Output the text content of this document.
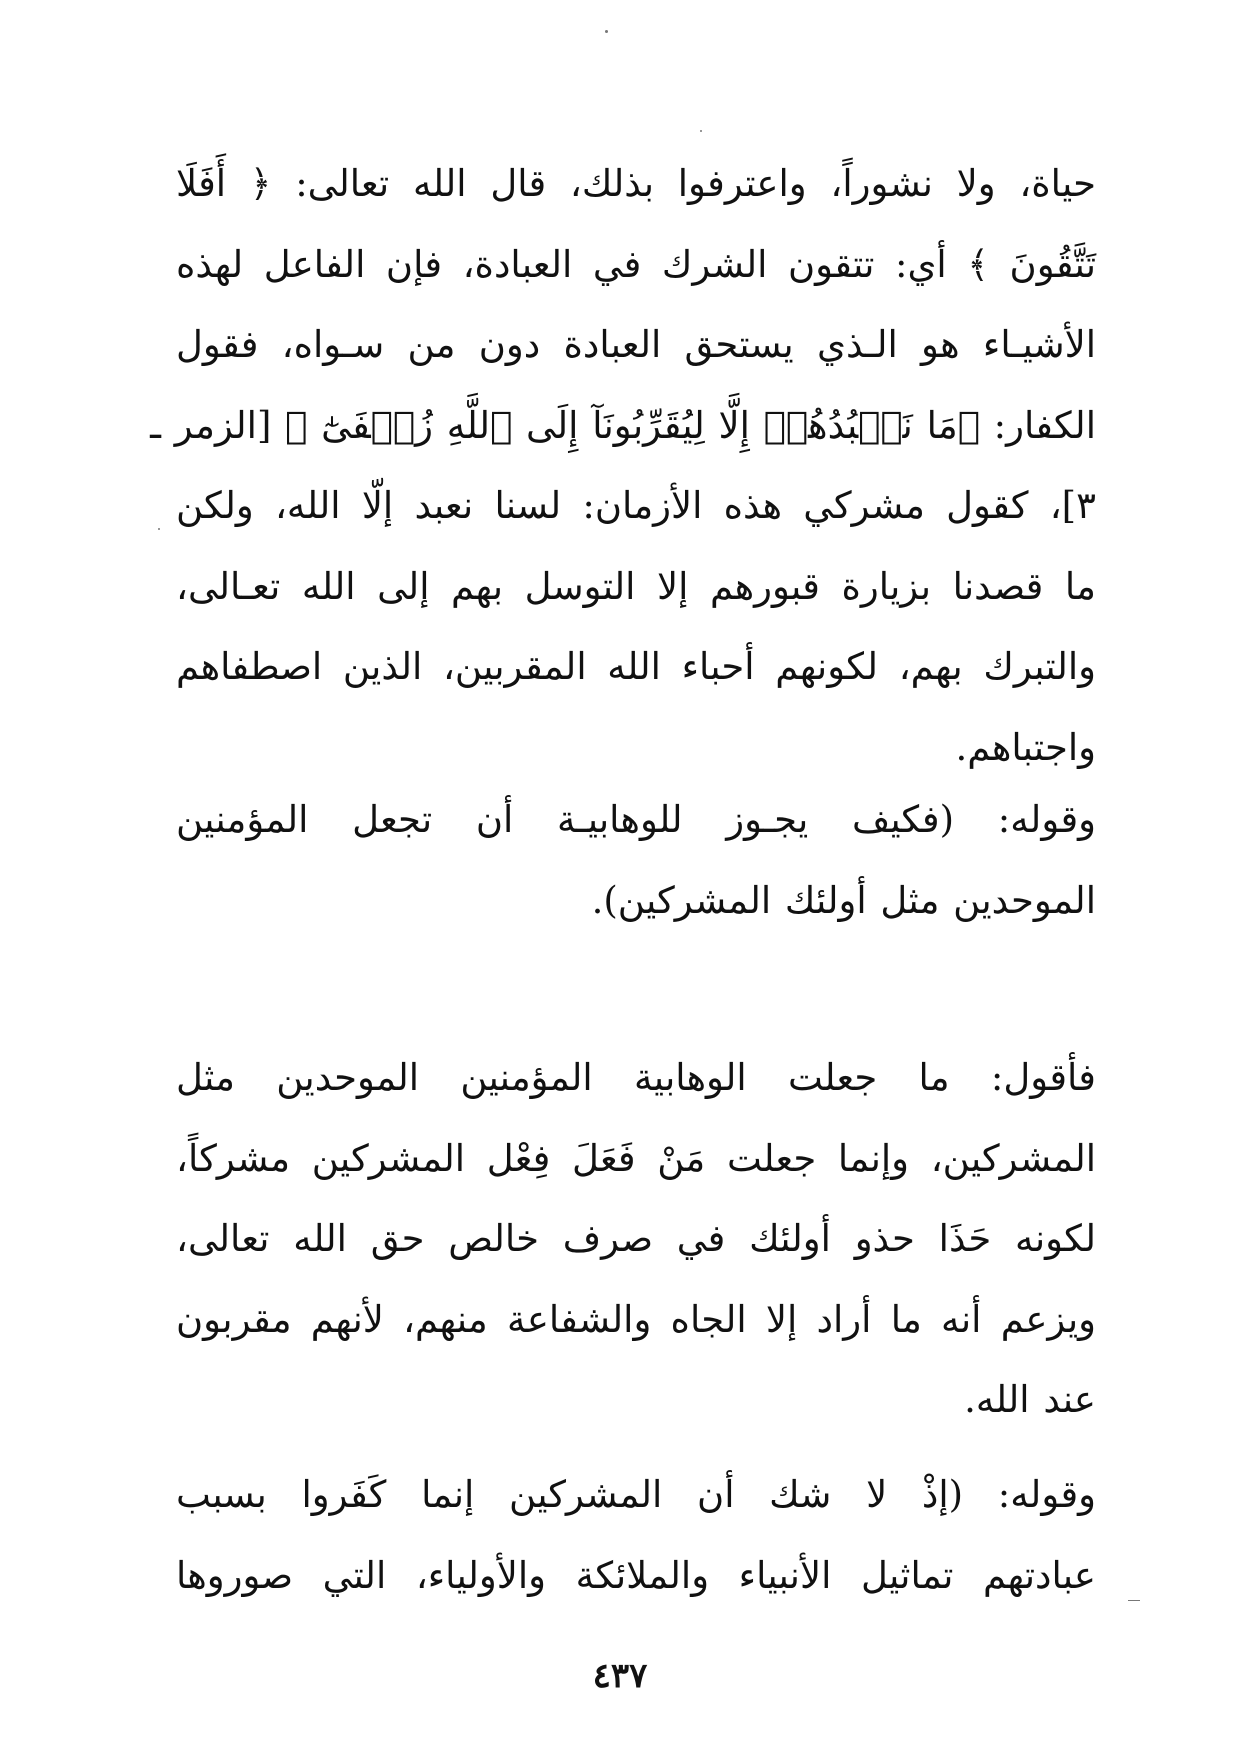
حياة، ولا نشوراً، واعترفوا بذلك، قال الله تعالى: ﴿ أَفَلَا
تَتَّقُونَ ﴾ أي: تتقون الشرك في العبادة، فإن الفاعل لهذه
الأشيـاء هو الـذي يستحق العبادة دون من سـواه، فقول
الكفار: ﴿مَا نَعۡبُدُهُمۡ إِلَّا لِيُقَرِّبُونَآ إِلَى ٱللَّهِ زُلۡفَىٰٓ ﴾ [الزمر ـ
٣]، كقول مشركي هذه الأزمان: لسنا نعبد إلّا الله، ولكن
ما قصدنا بزيارة قبورهم إلا التوسل بهم إلى الله تعـالى،
والتبرك بهم، لكونهم أحباء الله المقربين، الذين اصطفاهم
واجتباهم.
وقوله: (فكيف يجـوز للوهابيـة أن تجعل المؤمنين
الموحدين مثل أولئك المشركين).
فأقول: ما جعلت الوهابية المؤمنين الموحدين مثل
المشركين، وإنما جعلت مَنْ فَعَلَ فِعْل المشركين مشركاً،
لكونه حَذَا حذو أولئك في صرف خالص حق الله تعالى،
ويزعم أنه ما أراد إلا الجاه والشفاعة منهم، لأنهم مقربون
عند الله.
وقوله: (إذْ لا شك أن المشركين إنما كَفَروا بسبب
عبادتهم تماثيل الأنبياء والملائكة والأولياء، التي صوروها
٤٣٧
